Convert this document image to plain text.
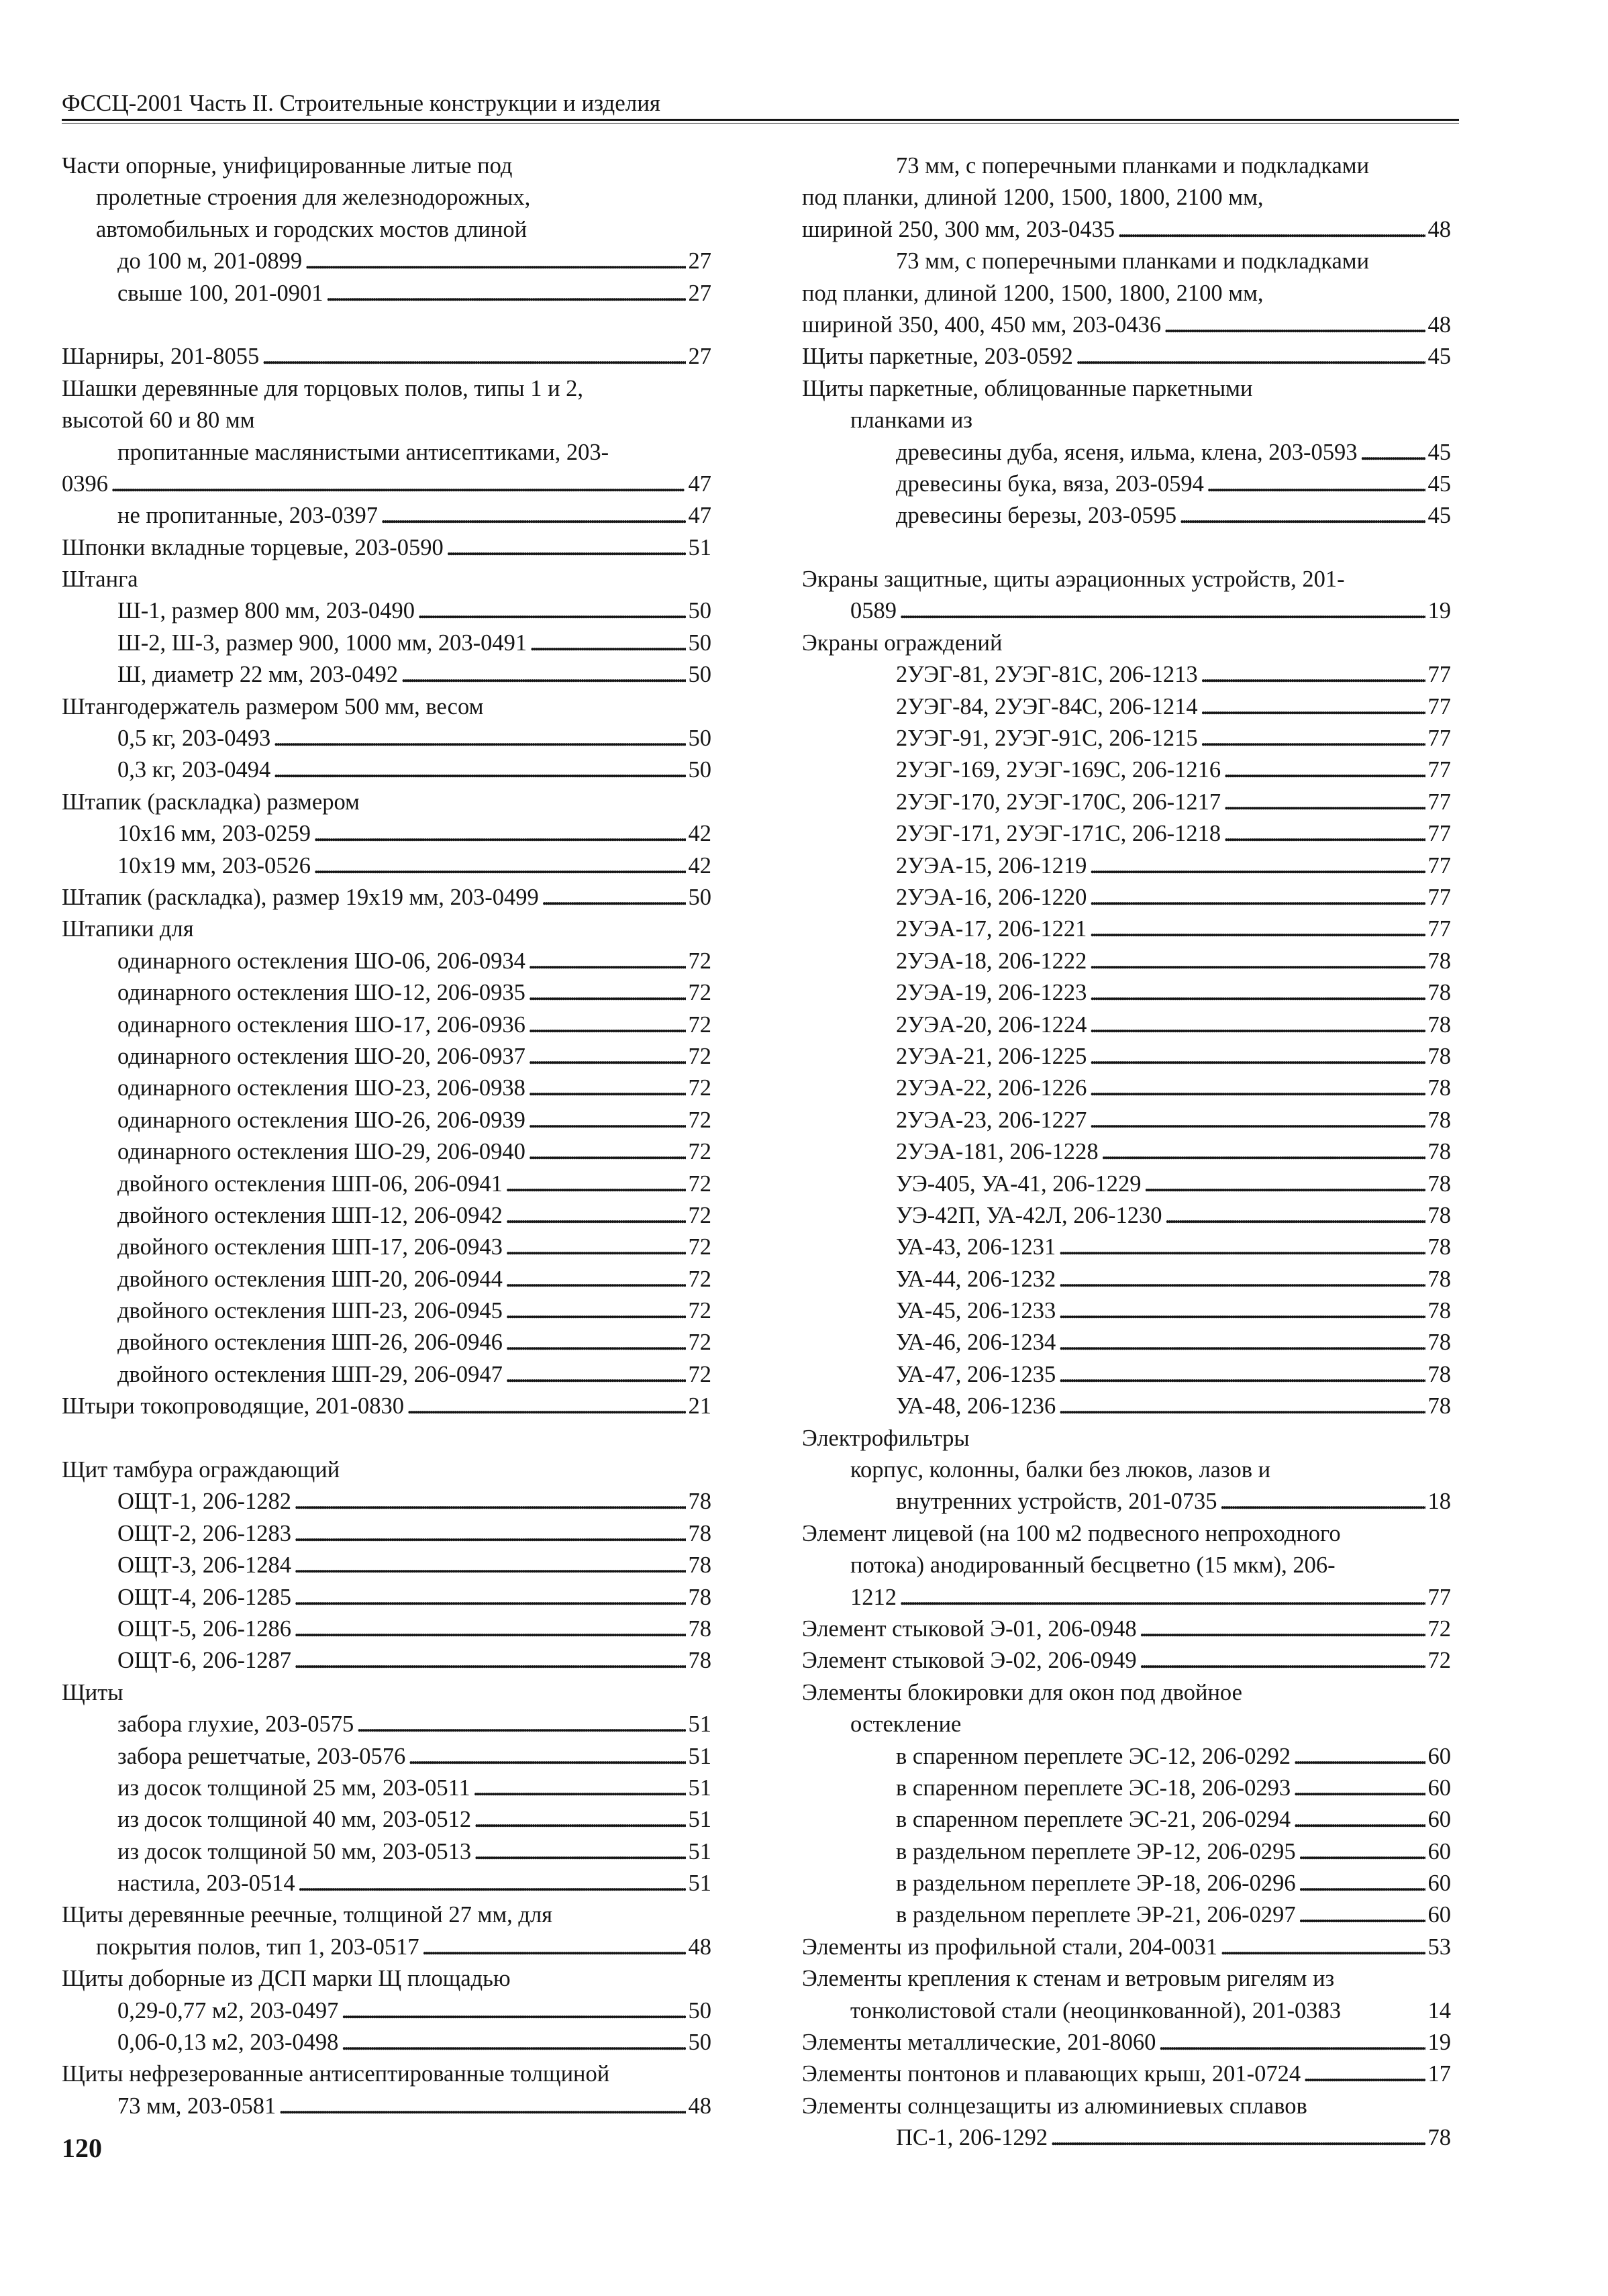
ФССЦ-2001 Часть II. Строительные конструкции и изделия
Части опорные, унифицированные литые под
пролетные строения для железнодорожных,
автомобильных и городских мостов длиной
до 100 м, 201-0899 . . .	27
свыше 100, 201-0901 . . .	27
Шарниры, 201-8055 . . .	27
Шашки деревянные для торцовых полов, типы 1 и 2,
высотой 60 и 80 мм
пропитанные маслянистыми антисептиками, 203-
0396 . . .	47
не пропитанные, 203-0397 . . .	47
Шпонки вкладные торцевые, 203-0590 . . .	51
Штанга
Ш-1, размер 800 мм, 203-0490 . . .	50
Ш-2, Ш-3, размер 900, 1000 мм, 203-0491 . . .	50
Ш, диаметр 22 мм, 203-0492 . . .	50
Штангодержатель размером 500 мм, весом
0,5 кг, 203-0493 . . .	50
0,3 кг, 203-0494 . . .	50
Штапик (раскладка) размером
10х16 мм, 203-0259 . . .	42
10х19 мм, 203-0526 . . .	42
Штапик (раскладка), размер 19х19 мм, 203-0499 . . .	50
Штапики для
одинарного остекления ШО-06, 206-0934 . . .	72
одинарного остекления ШО-12, 206-0935 . . .	72
одинарного остекления ШО-17, 206-0936 . . .	72
одинарного остекления ШО-20, 206-0937 . . .	72
одинарного остекления ШО-23, 206-0938 . . .	72
одинарного остекления ШО-26, 206-0939 . . .	72
одинарного остекления ШО-29, 206-0940 . . .	72
двойного остекления ШП-06, 206-0941 . . .	72
двойного остекления ШП-12, 206-0942 . . .	72
двойного остекления ШП-17, 206-0943 . . .	72
двойного остекления ШП-20, 206-0944 . . .	72
двойного остекления ШП-23, 206-0945 . . .	72
двойного остекления ШП-26, 206-0946 . . .	72
двойного остекления ШП-29, 206-0947 . . .	72
Штыри токопроводящие, 201-0830 . . .	21
Щит тамбура ограждающий
ОЩТ-1, 206-1282 . . .	78
ОЩТ-2, 206-1283 . . .	78
ОЩТ-3, 206-1284 . . .	78
ОЩТ-4, 206-1285 . . .	78
ОЩТ-5, 206-1286 . . .	78
ОЩТ-6, 206-1287 . . .	78
Щиты
забора глухие, 203-0575 . . .	51
забора решетчатые, 203-0576 . . .	51
из досок толщиной 25 мм, 203-0511 . . .	51
из досок толщиной 40 мм, 203-0512 . . .	51
из досок толщиной 50 мм, 203-0513 . . .	51
настила, 203-0514 . . .	51
Щиты деревянные реечные, толщиной 27 мм, для
покрытия полов, тип 1, 203-0517 . . .	48
Щиты доборные из ДСП марки Щ площадью
0,29-0,77 м2, 203-0497 . . .	50
0,06-0,13 м2, 203-0498 . . .	50
Щиты нефрезерованные антисептированные толщиной
73 мм, 203-0581 . . .	48
73 мм, с поперечными планками и подкладками
под планки, длиной 1200, 1500, 1800, 2100 мм,
шириной 250, 300 мм, 203-0435 . . .	48
73 мм, с поперечными планками и подкладками
под планки, длиной 1200, 1500, 1800, 2100 мм,
шириной 350, 400, 450 мм, 203-0436 . . .	48
Щиты паркетные, 203-0592 . . .	45
Щиты паркетные, облицованные паркетными
планками из
древесины дуба, ясеня, ильма, клена, 203-0593 . . .	45
древесины бука, вяза, 203-0594 . . .	45
древесины березы, 203-0595 . . .	45
Экраны защитные, щиты аэрационных устройств, 201-
0589 . . .	19
Экраны ограждений
2УЭГ-81, 2УЭГ-81С, 206-1213 . . .	77
2УЭГ-84, 2УЭГ-84С, 206-1214 . . .	77
2УЭГ-91, 2УЭГ-91С, 206-1215 . . .	77
2УЭГ-169, 2УЭГ-169С, 206-1216 . . .	77
2УЭГ-170, 2УЭГ-170С, 206-1217 . . .	77
2УЭГ-171, 2УЭГ-171С, 206-1218 . . .	77
2УЭА-15, 206-1219 . . .	77
2УЭА-16, 206-1220 . . .	77
2УЭА-17, 206-1221 . . .	77
2УЭА-18, 206-1222 . . .	78
2УЭА-19, 206-1223 . . .	78
2УЭА-20, 206-1224 . . .	78
2УЭА-21, 206-1225 . . .	78
2УЭА-22, 206-1226 . . .	78
2УЭА-23, 206-1227 . . .	78
2УЭА-181, 206-1228 . . .	78
УЭ-405, УА-41, 206-1229 . . .	78
УЭ-42П, УА-42Л, 206-1230 . . .	78
УА-43, 206-1231 . . .	78
УА-44, 206-1232 . . .	78
УА-45, 206-1233 . . .	78
УА-46, 206-1234 . . .	78
УА-47, 206-1235 . . .	78
УА-48, 206-1236 . . .	78
Электрофильтры
корпус, колонны, балки без люков, лазов и
внутренних устройств, 201-0735 . . .	18
Элемент лицевой (на 100 м2 подвесного непроходного
потока) анодированный бесцветно (15 мкм), 206-
1212 . . .	77
Элемент стыковой Э-01, 206-0948 . . .	72
Элемент стыковой Э-02, 206-0949 . . .	72
Элементы блокировки для окон под двойное
остекление
в спаренном переплете ЭС-12, 206-0292 . . .	60
в спаренном переплете ЭС-18, 206-0293 . . .	60
в спаренном переплете ЭС-21, 206-0294 . . .	60
в раздельном переплете ЭР-12, 206-0295 . . .	60
в раздельном переплете ЭР-18, 206-0296 . . .	60
в раздельном переплете ЭР-21, 206-0297 . . .	60
Элементы из профильной стали, 204-0031 . . .	53
Элементы крепления к стенам и ветровым ригелям из
тонколистовой стали (неоцинкованной), 201-0383	14
Элементы металлические, 201-8060 . . .	19
Элементы понтонов и плавающих крыш, 201-0724 . . .	17
Элементы солнцезащиты из алюминиевых сплавов
ПС-1, 206-1292 . . .	78
120
